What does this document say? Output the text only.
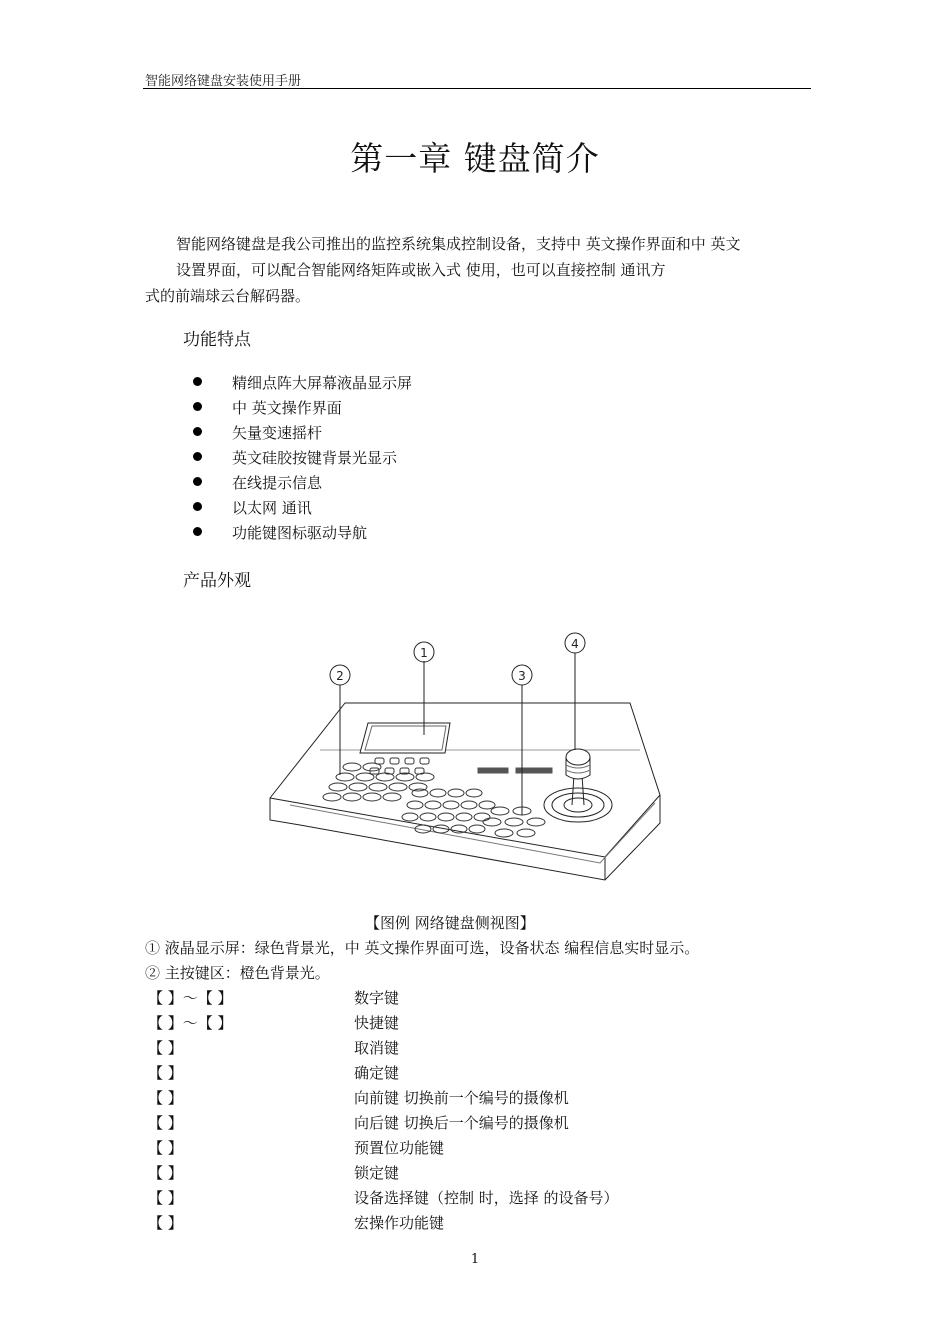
智能网络键盘安装使用手册
第一章 键盘简介
智能网络键盘是我公司推出的监控系统集成控制设备，支持中 英文操作界面和中 英文
设置界面，可以配合智能网络矩阵或嵌入式 使用，也可以直接控制 通讯方
式的前端球云台解码器。
功能特点
精细点阵大屏幕液晶显示屏
中 英文操作界面
矢量变速摇杆
英文硅胶按键背景光显示
在线提示信息
以太网 通讯
功能键图标驱动导航
产品外观
1
2	3
4
【图例 网络键盘侧视图】
① 液晶显示屏：绿色背景光，中 英文操作界面可选，设备状态 编程信息实时显示。
② 主按键区：橙色背景光。
【 】～【 】	数字键
【 】～【 】	快捷键
【 】	取消键
【 】	确定键
【 】	向前键 切换前一个编号的摄像机
【 】	向后键 切换后一个编号的摄像机
【 】	预置位功能键
【 】	锁定键
【 】	设备选择键（控制 时，选择 的设备号）
【 】	宏操作功能键
1
